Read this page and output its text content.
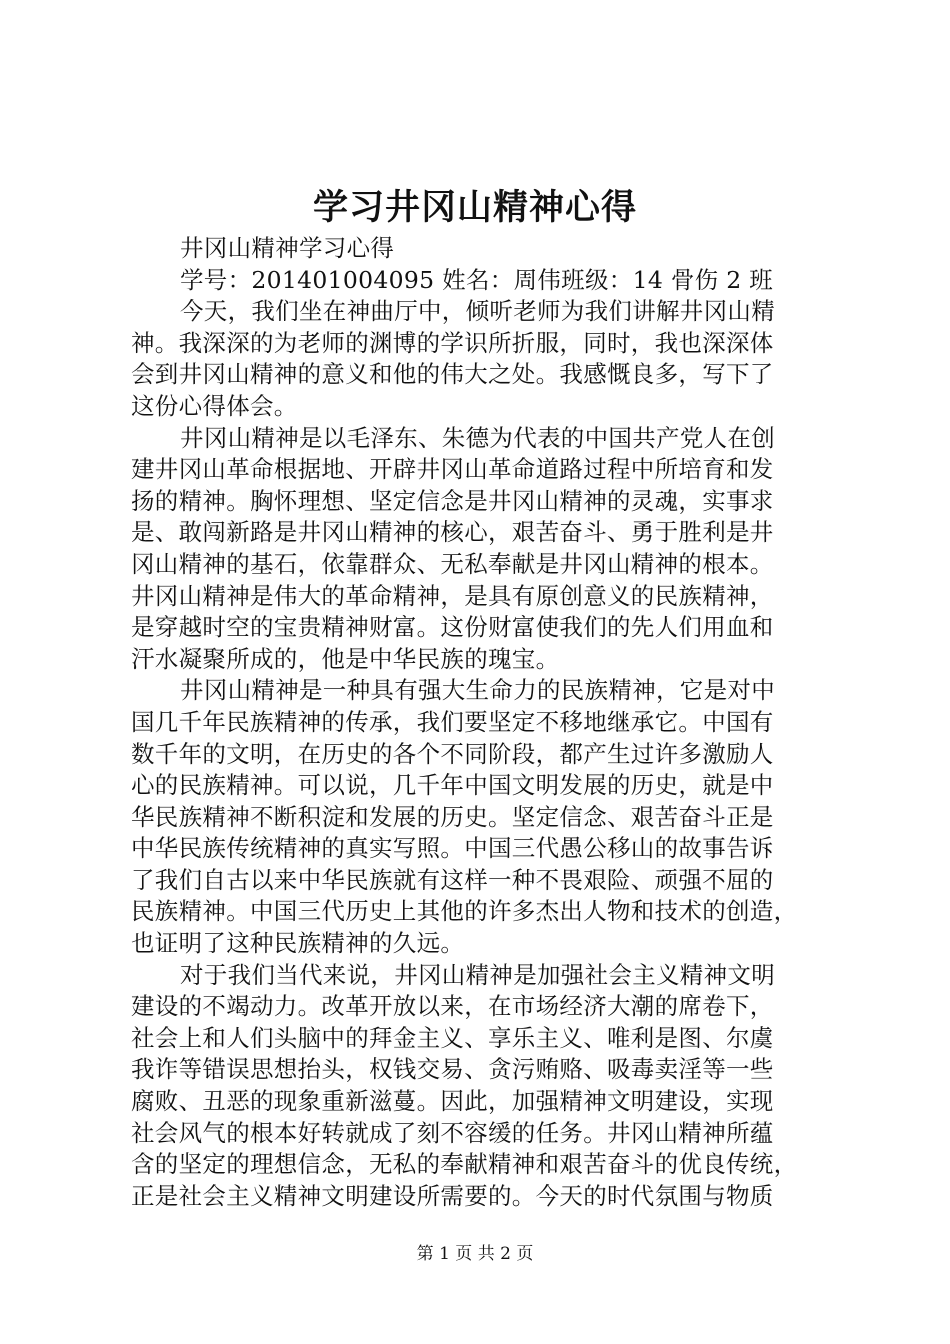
学习井冈山精神心得
井冈山精神学习心得
学号：201401004095 姓名：周伟班级：14 骨伤 2 班
今天，我们坐在神曲厅中，倾听老师为我们讲解井冈山精
神。我深深的为老师的渊博的学识所折服，同时，我也深深体
会到井冈山精神的意义和他的伟大之处。我感慨良多，写下了
这份心得体会。
井冈山精神是以毛泽东、朱德为代表的中国共产党人在创
建井冈山革命根据地、开辟井冈山革命道路过程中所培育和发
扬的精神。胸怀理想、坚定信念是井冈山精神的灵魂，实事求
是、敢闯新路是井冈山精神的核心，艰苦奋斗、勇于胜利是井
冈山精神的基石，依靠群众、无私奉献是井冈山精神的根本。
井冈山精神是伟大的革命精神，是具有原创意义的民族精神，
是穿越时空的宝贵精神财富。这份财富使我们的先人们用血和
汗水凝聚所成的，他是中华民族的瑰宝。
井冈山精神是一种具有强大生命力的民族精神，它是对中
国几千年民族精神的传承，我们要坚定不移地继承它。中国有
数千年的文明，在历史的各个不同阶段，都产生过许多激励人
心的民族精神。可以说，几千年中国文明发展的历史，就是中
华民族精神不断积淀和发展的历史。坚定信念、艰苦奋斗正是
中华民族传统精神的真实写照。中国三代愚公移山的故事告诉
了我们自古以来中华民族就有这样一种不畏艰险、顽强不屈的
民族精神。中国三代历史上其他的许多杰出人物和技术的创造，
也证明了这种民族精神的久远。
对于我们当代来说，井冈山精神是加强社会主义精神文明
建设的不竭动力。改革开放以来，在市场经济大潮的席卷下，
社会上和人们头脑中的拜金主义、享乐主义、唯利是图、尔虞
我诈等错误思想抬头，权钱交易、贪污贿赂、吸毒卖淫等一些
腐败、丑恶的现象重新滋蔓。因此，加强精神文明建设，实现
社会风气的根本好转就成了刻不容缓的任务。井冈山精神所蕴
含的坚定的理想信念，无私的奉献精神和艰苦奋斗的优良传统，
正是社会主义精神文明建设所需要的。今天的时代氛围与物质
第 1 页 共 2 页
